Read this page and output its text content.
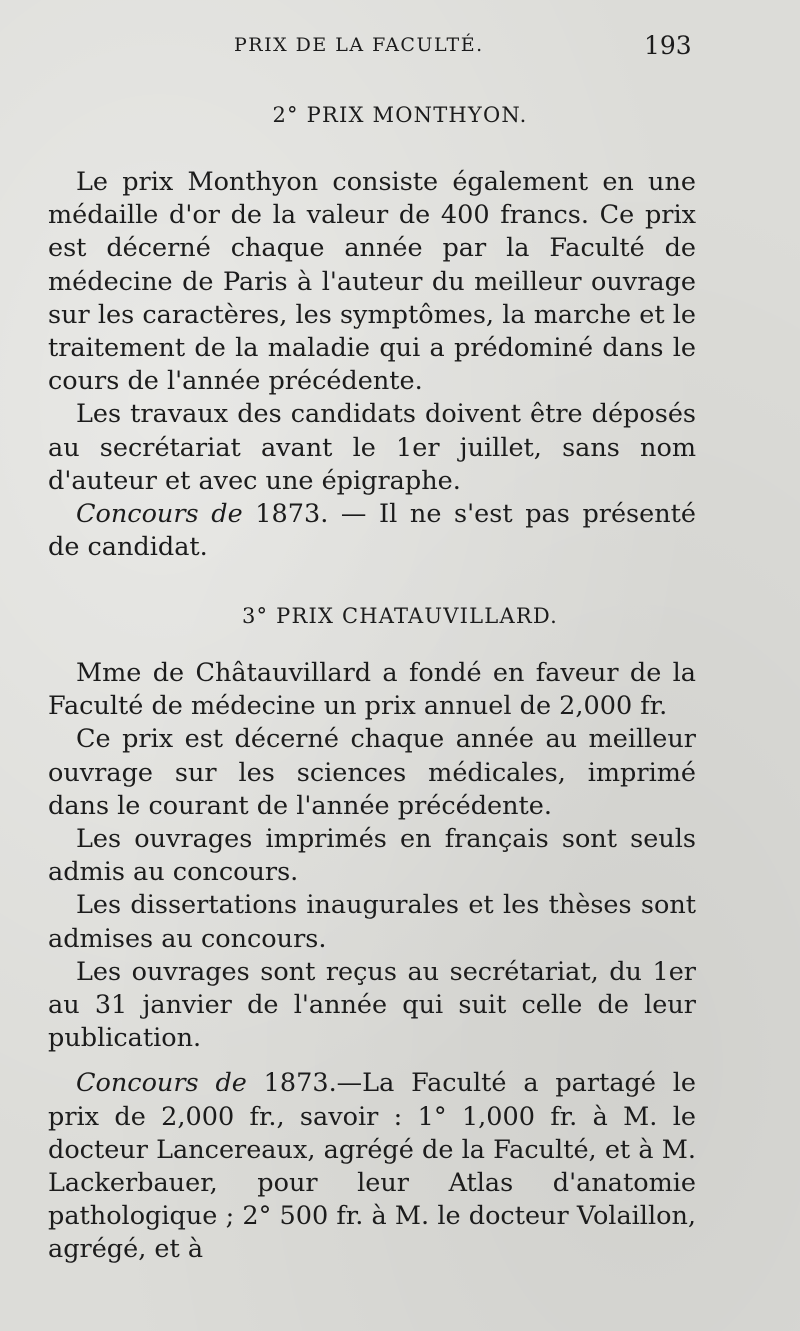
PRIX DE LA FACULTÉ.	193
2° PRIX MONTHYON.

Le prix Monthyon consiste également en une médaille d'or de la valeur de 400 francs. Ce prix est décerné chaque année par la Faculté de médecine de Paris à l'auteur du meilleur ouvrage sur les caractères, les symptômes, la marche et le traitement de la maladie qui a prédominé dans le cours de l'année précédente.

Les travaux des candidats doivent être déposés au secrétariat avant le 1er juillet, sans nom d'auteur et avec une épigraphe.

Concours de 1873. — Il ne s'est pas présenté de candidat.

3° PRIX CHATAUVILLARD.

Mme de Châtauvillard a fondé en faveur de la Faculté de médecine un prix annuel de 2,000 fr.

Ce prix est décerné chaque année au meilleur ouvrage sur les sciences médicales, imprimé dans le courant de l'année précédente.

Les ouvrages imprimés en français sont seuls admis au concours.

Les dissertations inaugurales et les thèses sont admises au concours.

Les ouvrages sont reçus au secrétariat, du 1er au 31 janvier de l'année qui suit celle de leur publication.

Concours de 1873.—La Faculté a partagé le prix de 2,000 fr., savoir : 1° 1,000 fr. à M. le docteur Lancereaux, agrégé de la Faculté, et à M. Lackerbauer, pour leur Atlas d'anatomie pathologique ; 2° 500 fr. à M. le docteur Volaillon, agrégé, et à
